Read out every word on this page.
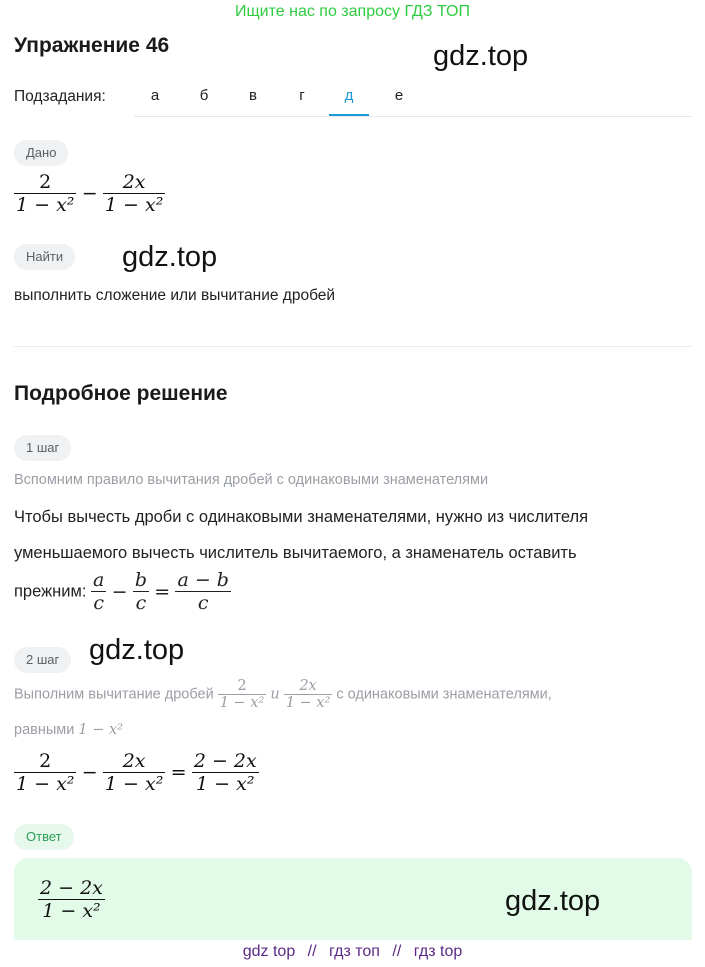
Ищите нас по запросу ГДЗ ТОП
Упражнение 46	gdz.top
Подзадания:	а	б	в	г	д	е
Дано
$\frac{2}{\text{1 − x²}} - \frac{2x}{\text{1 − x²}}$
Найти	gdz.top
выполнить сложение или вычитание дробей
Подробное решение
1 шаг
Вспомним правило вычитания дробей с одинаковыми знаменателями
Чтобы вычесть дроби с одинаковыми знаменателями, нужно из числителя
уменьшаемого вычесть числитель вычитаемого, а знаменатель оставить
прежним: $\frac{a}{c} - \frac{b}{c} = \frac{a - b}{c}$
2 шаг	gdz.top
Выполним вычитание дробей $\frac{2}{\text{1 − x²}}$ и $\frac{2x}{\text{1 − x²}}$ с одинаковыми знаменателями,
равными 1 − x²
$\frac{2}{\text{1 − x²}} - \frac{2x}{\text{1 − x²}} = \frac{2 - 2x}{\text{1 − x²}}$
Ответ
$\frac{2 - 2x}{\text{1 − x²}}$	gdz.top
gdz top // гдз топ // гдз top
